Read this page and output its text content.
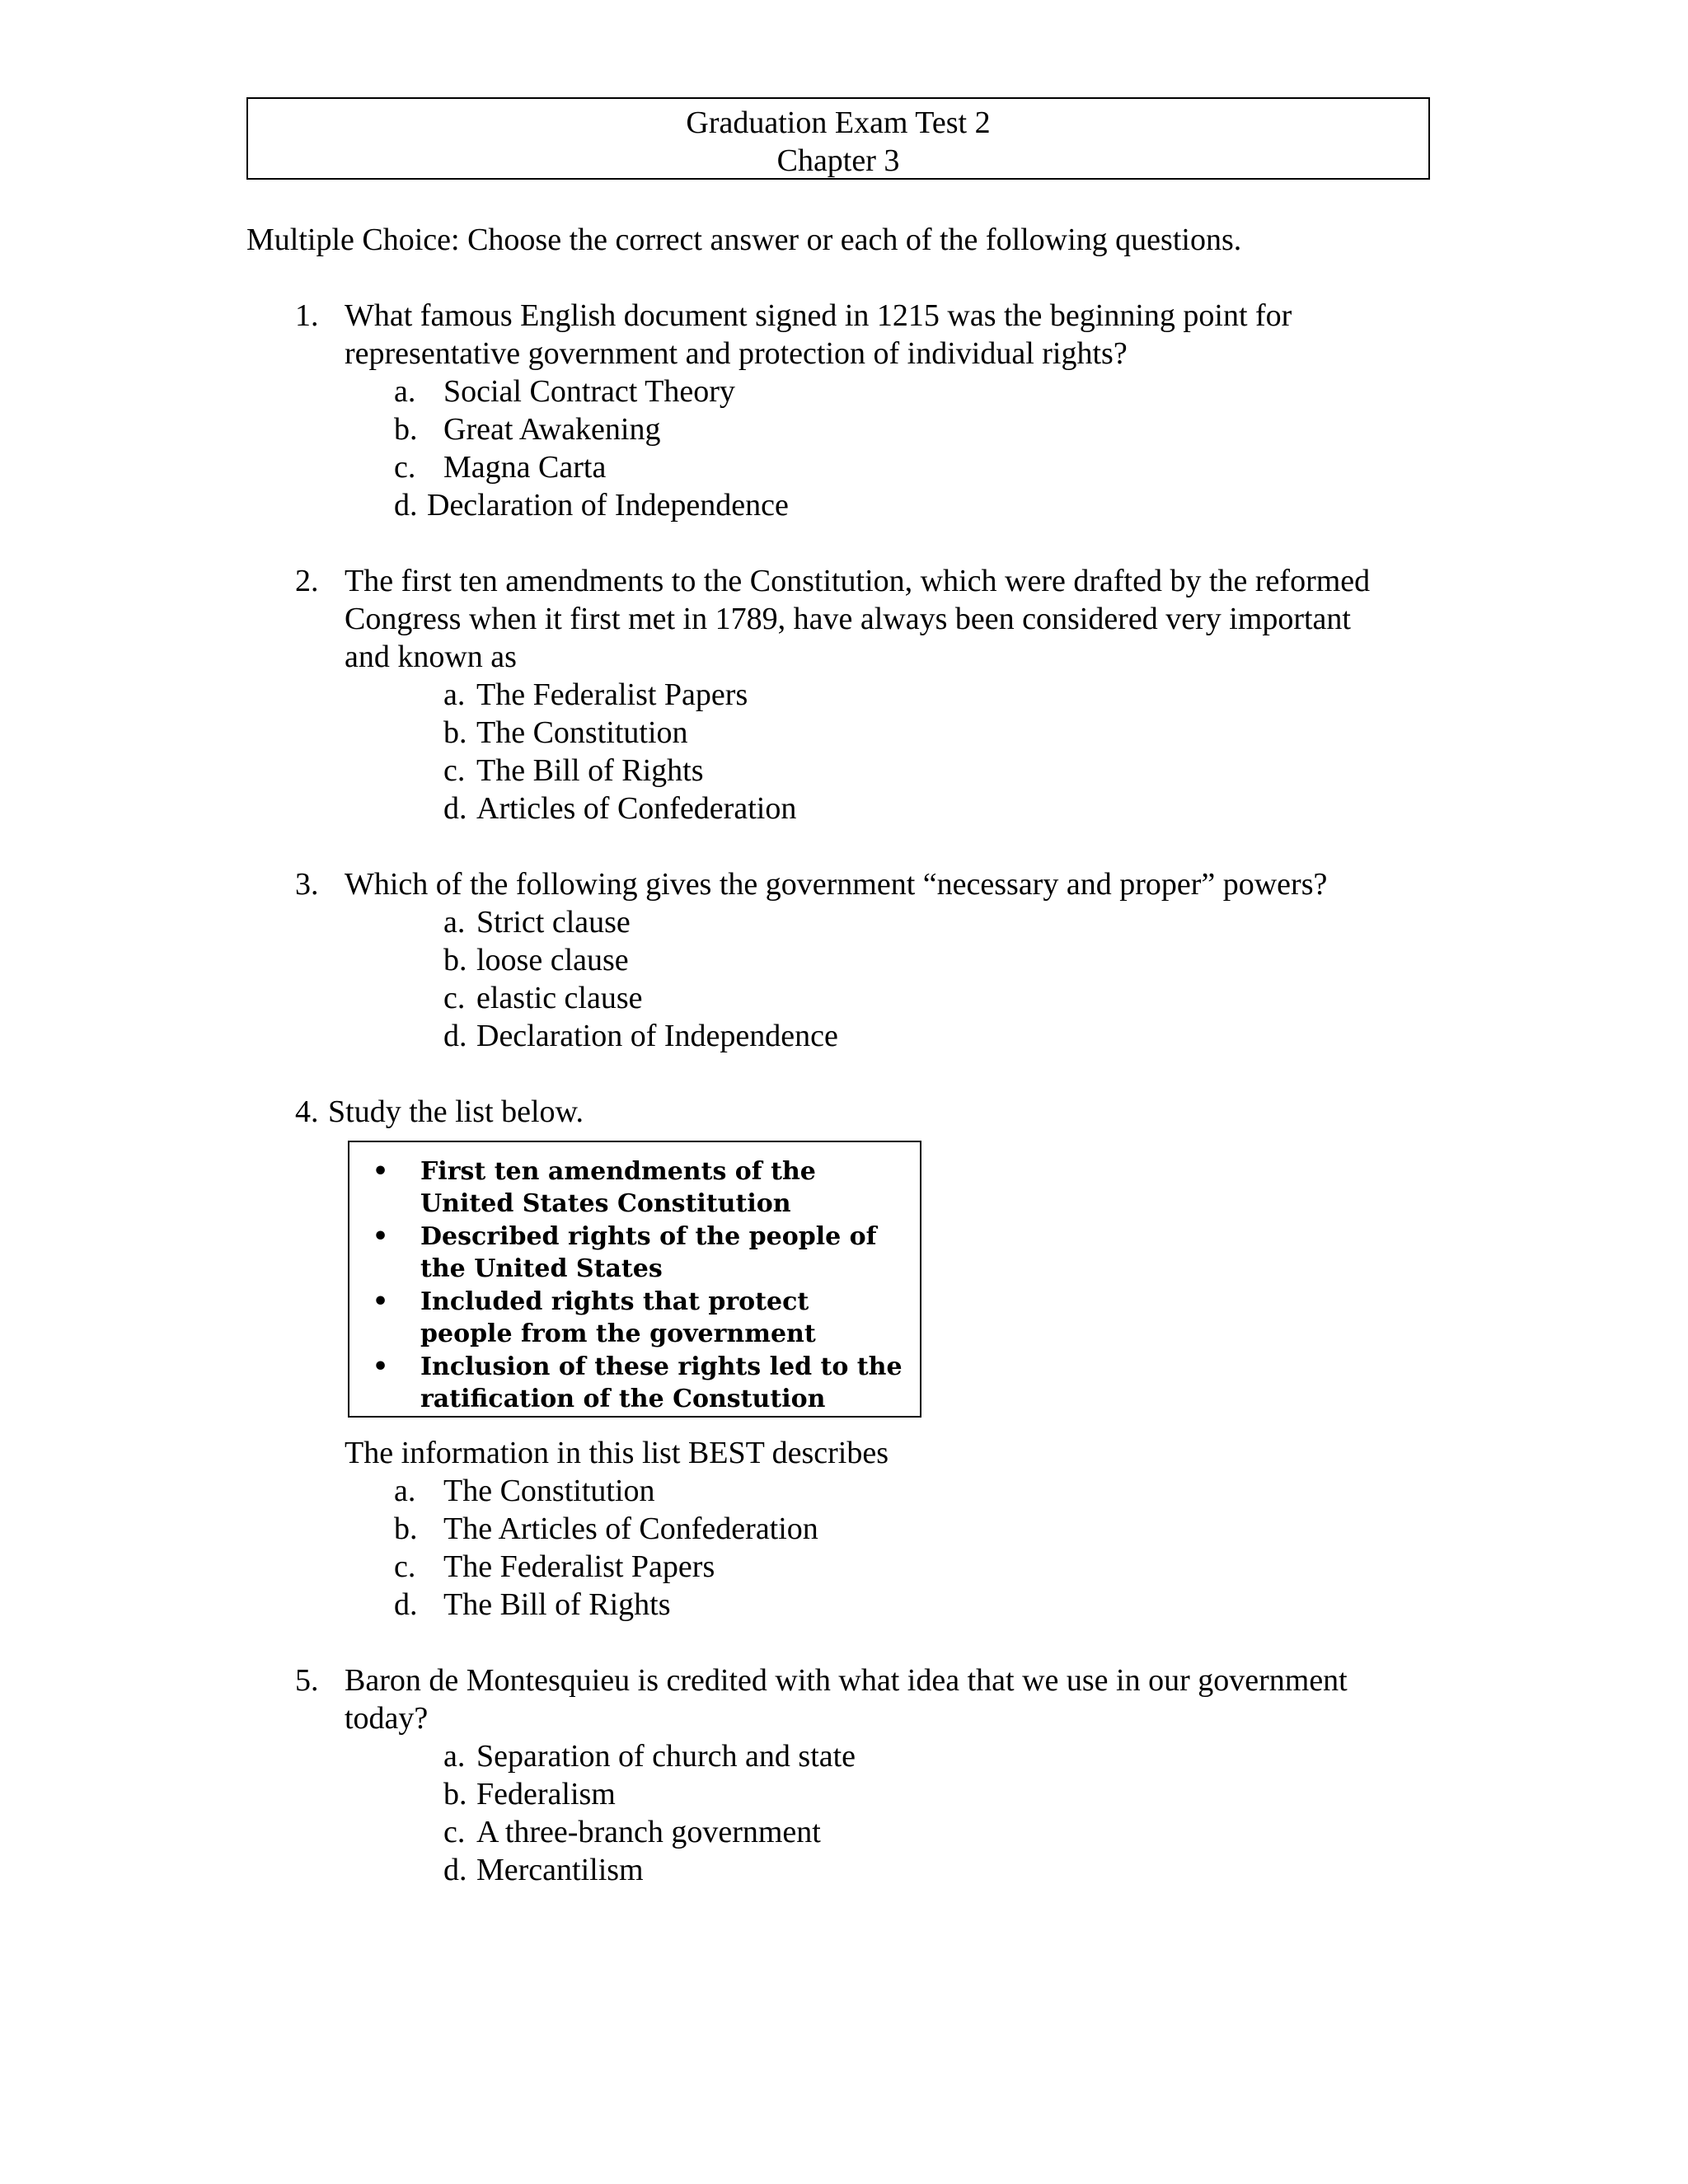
Graduation Exam Test 2
Chapter 3
Multiple Choice: Choose the correct answer or each of the following questions.
1. What famous English document signed in 1215 was the beginning point for
representative government and protection of individual rights?
a. Social Contract Theory
b. Great Awakening
c. Magna Carta
d. Declaration of Independence
2. The first ten amendments to the Constitution, which were drafted by the reformed
Congress when it first met in 1789, have always been considered very important
and known as
a. The Federalist Papers
b. The Constitution
c. The Bill of Rights
d. Articles of Confederation
3. Which of the following gives the government “necessary and proper” powers?
a. Strict clause
b. loose clause
c. elastic clause
d. Declaration of Independence
4. Study the list below.
• First ten amendments of the
United States Constitution
• Described rights of the people of
the United States
• Included rights that protect
people from the government
• Inclusion of these rights led to the
ratification of the Constution
The information in this list BEST describes
a. The Constitution
b. The Articles of Confederation
c. The Federalist Papers
d. The Bill of Rights
5. Baron de Montesquieu is credited with what idea that we use in our government
today?
a. Separation of church and state
b. Federalism
c. A three-branch government
d. Mercantilism
